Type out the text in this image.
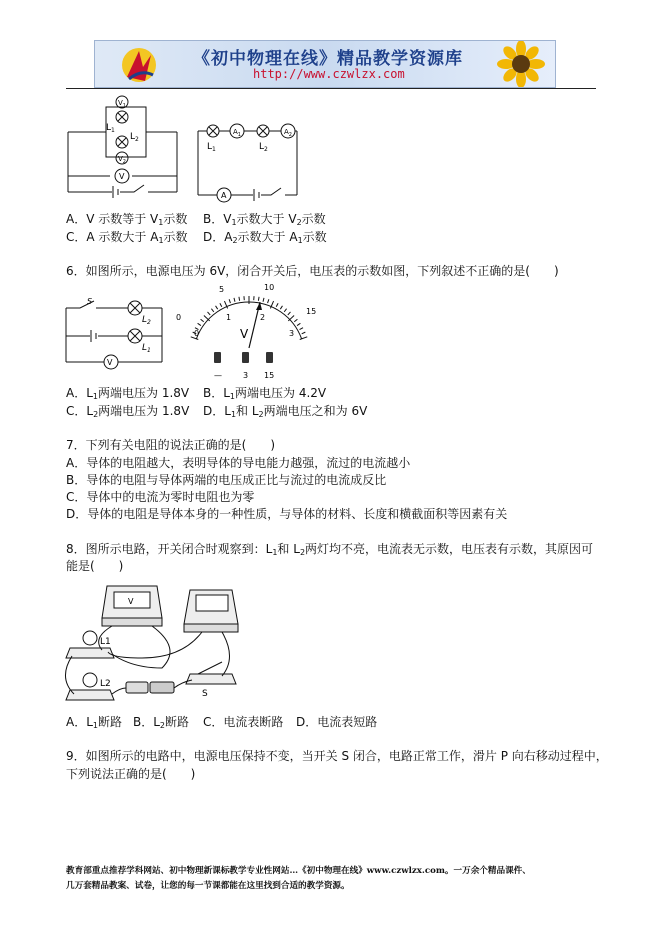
《初中物理在线》精品教学资源库
http://www.czwlzx.com
$V_1$
$V_2$
V
$L_1$
$L_2$
$A_1$	$A_2$
A
$L_1$	$L_2$
A．V 示数等于 $V_1$示数 B．$V_1$示数大于 $V_2$示数
C．A 示数大于 $A_1$示数 D．$A_2$示数大于 $A_1$示数
6．如图所示，电源电压为 6V，闭合开关后，电压表的示数如图，下列叙述不正确的是(　　)
S
$L_2$
$L_1$
V
5	10
15
0
0
1	2
3
V
—	3 15
A．$L_1$两端电压为 1.8V B．$L_1$两端电压为 4.2V
C．$L_2$两端电压为 1.8V D．$L_1$和 $L_2$两端电压之和为 6V
7．下列有关电阻的说法正确的是(　　)
A．导体的电阻越大，表明导体的导电能力越强，流过的电流越小
B．导体的电阻与导体两端的电压成正比与流过的电流成反比
C．导体中的电流为零时电阻也为零
D．导体的电阻是导体本身的一种性质，与导体的材料、长度和横截面积等因素有关
8．图所示电路，开关闭合时观察到：$L_1$和 $L_2$两灯均不亮，电流表无示数，电压表有示数，其原因可
能是(　　)
L1
L2
S
V
A．$L_1$断路 B．$L_2$断路 C．电流表断路 D．电流表短路
9．如图所示的电路中，电源电压保持不变，当开关 S 闭合，电路正常工作，滑片 P 向右移动过程中，
下列说法正确的是(　　)
教育部重点推荐学科网站、初中物理新课标教学专业性网站…《初中物理在线》www.czwlzx.com。一万余个精品课件、
几万套精品教案、试卷，让您的每一节课都能在这里找到合适的教学资源。
